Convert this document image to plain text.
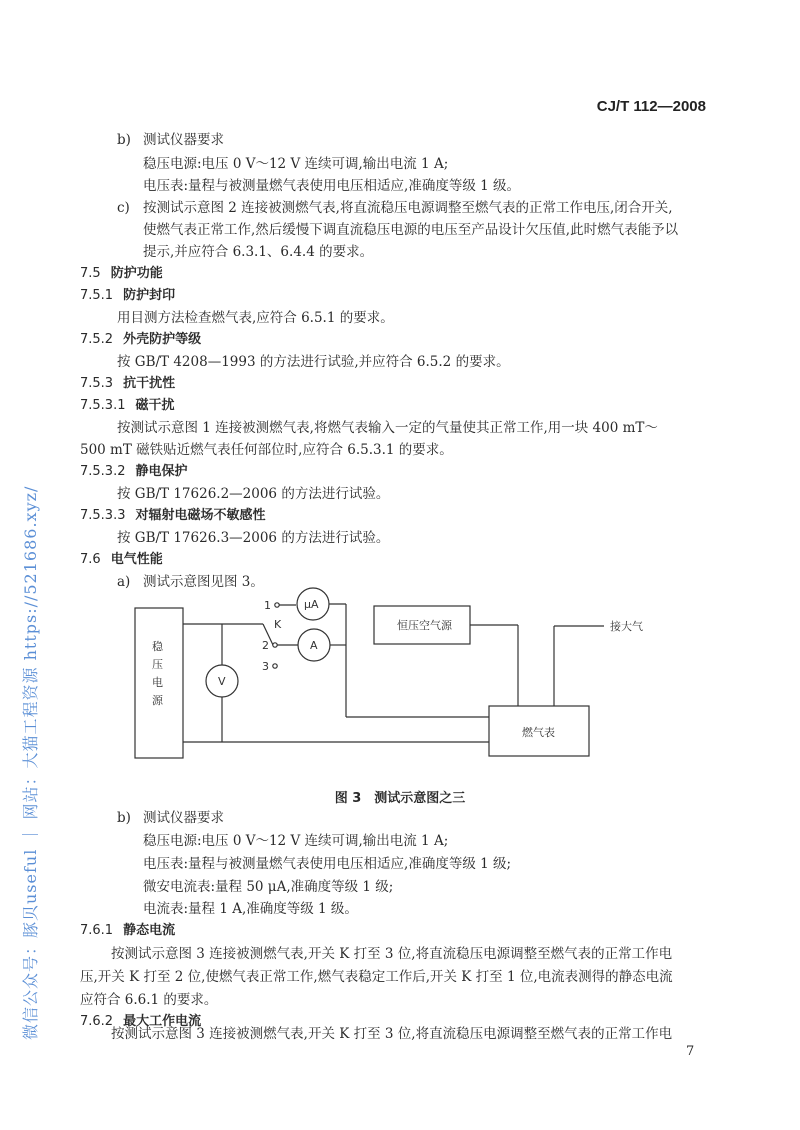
CJ/T 112—2008
b) 测试仪器要求
稳压电源:电压 0 V～12 V 连续可调,输出电流 1 A;
电压表:量程与被测量燃气表使用电压相适应,准确度等级 1 级。
c) 按测试示意图 2 连接被测燃气表,将直流稳压电源调整至燃气表的正常工作电压,闭合开关,
使燃气表正常工作,然后缓慢下调直流稳压电源的电压至产品设计欠压值,此时燃气表能予以
提示,并应符合 6.3.1、6.4.4 的要求。
7.5 防护功能
7.5.1 防护封印
用目测方法检查燃气表,应符合 6.5.1 的要求。
7.5.2 外壳防护等级
按 GB/T 4208—1993 的方法进行试验,并应符合 6.5.2 的要求。
7.5.3 抗干扰性
7.5.3.1 磁干扰
按测试示意图 1 连接被测燃气表,将燃气表输入一定的气量使其正常工作,用一块 400 mT～
500 mT 磁铁贴近燃气表任何部位时,应符合 6.5.3.1 的要求。
7.5.3.2 静电保护
按 GB/T 17626.2—2006 的方法进行试验。
7.5.3.3 对辐射电磁场不敏感性
按 GB/T 17626.3—2006 的方法进行试验。
7.6 电气性能
a) 测试示意图见图 3。
稳
压
电
源
V
μA
A
K
1
2
3
恒压空气源	接大气
燃气表
图 3　测试示意图之三
b) 测试仪器要求
稳压电源:电压 0 V～12 V 连续可调,输出电流 1 A;
电压表:量程与被测量燃气表使用电压相适应,准确度等级 1 级;
微安电流表:量程 50 μA,准确度等级 1 级;
电流表:量程 1 A,准确度等级 1 级。
7.6.1 静态电流
按测试示意图 3 连接被测燃气表,开关 K 打至 3 位,将直流稳压电源调整至燃气表的正常工作电
压,开关 K 打至 2 位,使燃气表正常工作,燃气表稳定工作后,开关 K 打至 1 位,电流表测得的静态电流
应符合 6.6.1 的要求。
7.6.2 最大工作电流
按测试示意图 3 连接被测燃气表,开关 K 打至 3 位,将直流稳压电源调整至燃气表的正常工作电
7
微信公众号：豚贝useful ｜ 网站：大猫工程资源 https://521686.xyz/
